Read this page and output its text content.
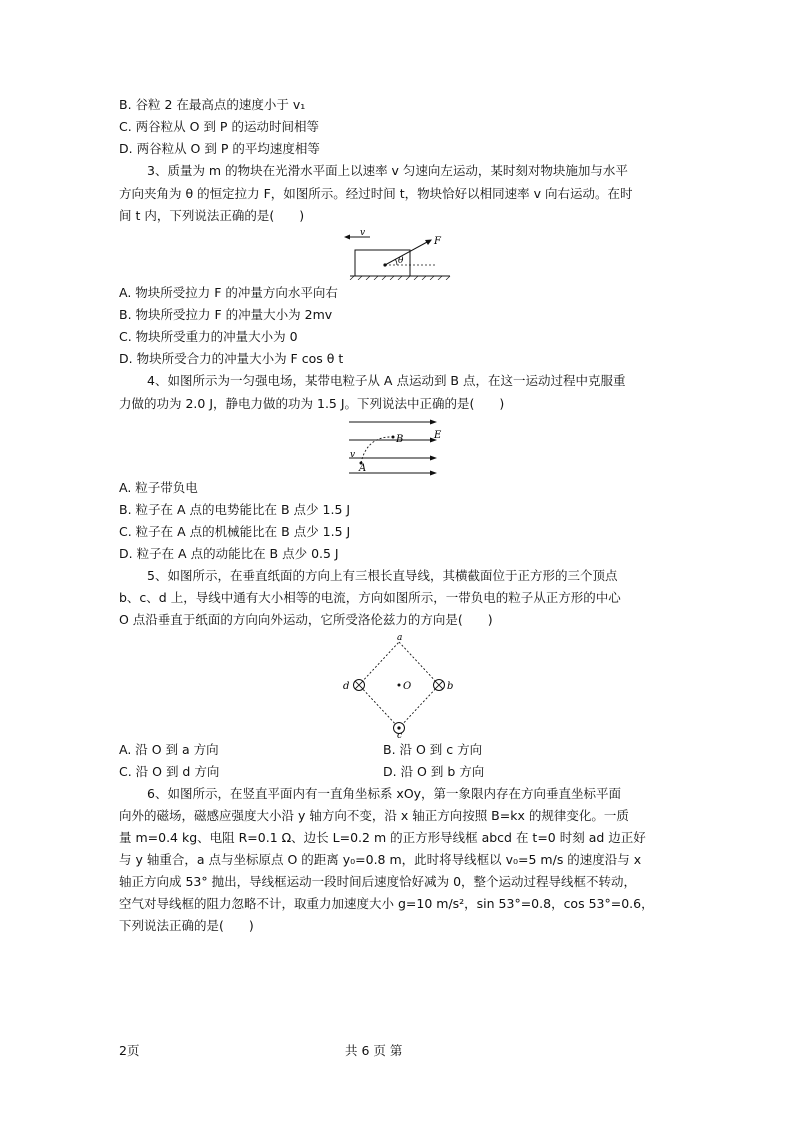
B. 谷粒 2 在最高点的速度小于 v₁
C. 两谷粒从 O 到 P 的运动时间相等
D. 两谷粒从 O 到 P 的平均速度相等
3、质量为 m 的物块在光滑水平面上以速率 v 匀速向左运动，某时刻对物块施加与水平
方向夹角为 θ 的恒定拉力 F，如图所示。经过时间 t，物块恰好以相同速率 v 向右运动。在时
间 t 内，下列说法正确的是(　　)
v
F
θ
A. 物块所受拉力 F 的冲量方向水平向右
B. 物块所受拉力 F 的冲量大小为 2mv
C. 物块所受重力的冲量大小为 0
D. 物块所受合力的冲量大小为 F cos θ t
4、如图所示为一匀强电场，某带电粒子从 A 点运动到 B 点，在这一运动过程中克服重
力做的功为 2.0 J，静电力做的功为 1.5 J。下列说法中正确的是(　　)
B	E
v
A
A. 粒子带负电
B. 粒子在 A 点的电势能比在 B 点少 1.5 J
C. 粒子在 A 点的机械能比在 B 点少 1.5 J
D. 粒子在 A 点的动能比在 B 点少 0.5 J
5、如图所示，在垂直纸面的方向上有三根长直导线，其横截面位于正方形的三个顶点
b、c、d 上，导线中通有大小相等的电流，方向如图所示，一带负电的粒子从正方形的中心
O 点沿垂直于纸面的方向向外运动，它所受洛伦兹力的方向是(　　)
a
d	b
c
O
A. 沿 O 到 a 方向	B. 沿 O 到 c 方向
C. 沿 O 到 d 方向	D. 沿 O 到 b 方向
6、如图所示，在竖直平面内有一直角坐标系 xOy，第一象限内存在方向垂直坐标平面
向外的磁场，磁感应强度大小沿 y 轴方向不变，沿 x 轴正方向按照 B=kx 的规律变化。一质
量 m=0.4 kg、电阻 R=0.1 Ω、边长 L=0.2 m 的正方形导线框 abcd 在 t=0 时刻 ad 边正好
与 y 轴重合，a 点与坐标原点 O 的距离 y₀=0.8 m，此时将导线框以 v₀=5 m/s 的速度沿与 x
轴正方向成 53° 抛出，导线框运动一段时间后速度恰好减为 0，整个运动过程导线框不转动，
空气对导线框的阻力忽略不计，取重力加速度大小 g=10 m/s²，sin 53°=0.8，cos 53°=0.6，
下列说法正确的是(　　)
2页	共 6 页 第
